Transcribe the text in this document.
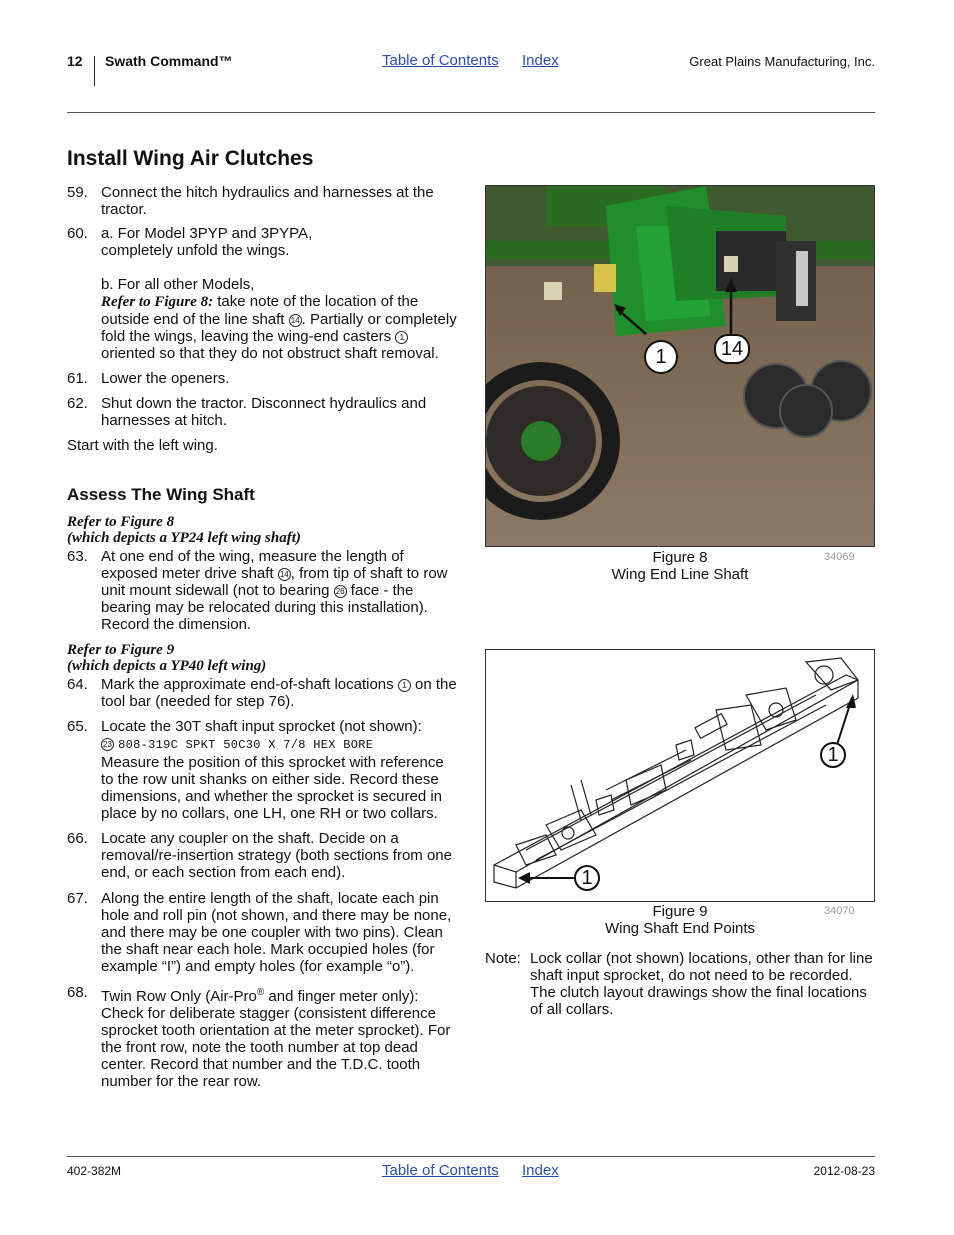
12 Swath Command™	Table of Contents Index	Great Plains Manufacturing, Inc.
Install Wing Air Clutches

59. Connect the hitch hydraulics and harnesses at the tractor.

60. a. For Model 3PYP and 3PYPA, completely unfold the wings.
b. For all other Models,
Refer to Figure 8: take note of the location of the outside end of the line shaft 14 . Partially or completely fold the wings, leaving the wing-end casters 1 oriented so that they do not obstruct shaft removal.

61. Lower the openers.

62. Shut down the tractor. Disconnect hydraulics and harnesses at hitch.

Start with the left wing.

Assess The Wing Shaft
Refer to Figure 8
(which depicts a YP24 left wing shaft)

63. At one end of the wing, measure the length of exposed meter drive shaft 14 , from tip of shaft to row unit mount sidewall (not to bearing 26 face - the bearing may be relocated during this installation). Record the dimension.

Refer to Figure 9
(which depicts a YP40 left wing)

64. Mark the approximate end-of-shaft locations 1 on the tool bar (needed for step 76).

65. Locate the 30T shaft input sprocket (not shown):
23 808-319C SPKT 50C30 X 7/8 HEX BORE
Measure the position of this sprocket with reference to the row unit shanks on either side. Record these dimensions, and whether the sprocket is secured in place by no collars, one LH, one RH or two collars.

66. Locate any coupler on the shaft. Decide on a removal/re-insertion strategy (both sections from one end, or each section from each end).

67. Along the entire length of the shaft, locate each pin hole and roll pin (not shown, and there may be none, and there may be one coupler with two pins). Clean the shaft near each hole. Mark occupied holes (for example “I”) and empty holes (for example “o”).

68. Twin Row Only (Air-Pro® and finger meter only): Check for deliberate stagger (consistent difference sprocket tooth orientation at the meter sprocket). For the front row, note the tooth number at top dead center. Record that number and the T.D.C. tooth number for the rear row.

1	14
Figure 8
Wing End Line Shaft
34069
1
1
Figure 9
Wing Shaft End Points
34070
Note: Lock collar (not shown) locations, other than for line shaft input sprocket, do not need to be recorded. The clutch layout drawings show the final locations of all collars.
402-382M	Table of Contents Index	2012-08-23
